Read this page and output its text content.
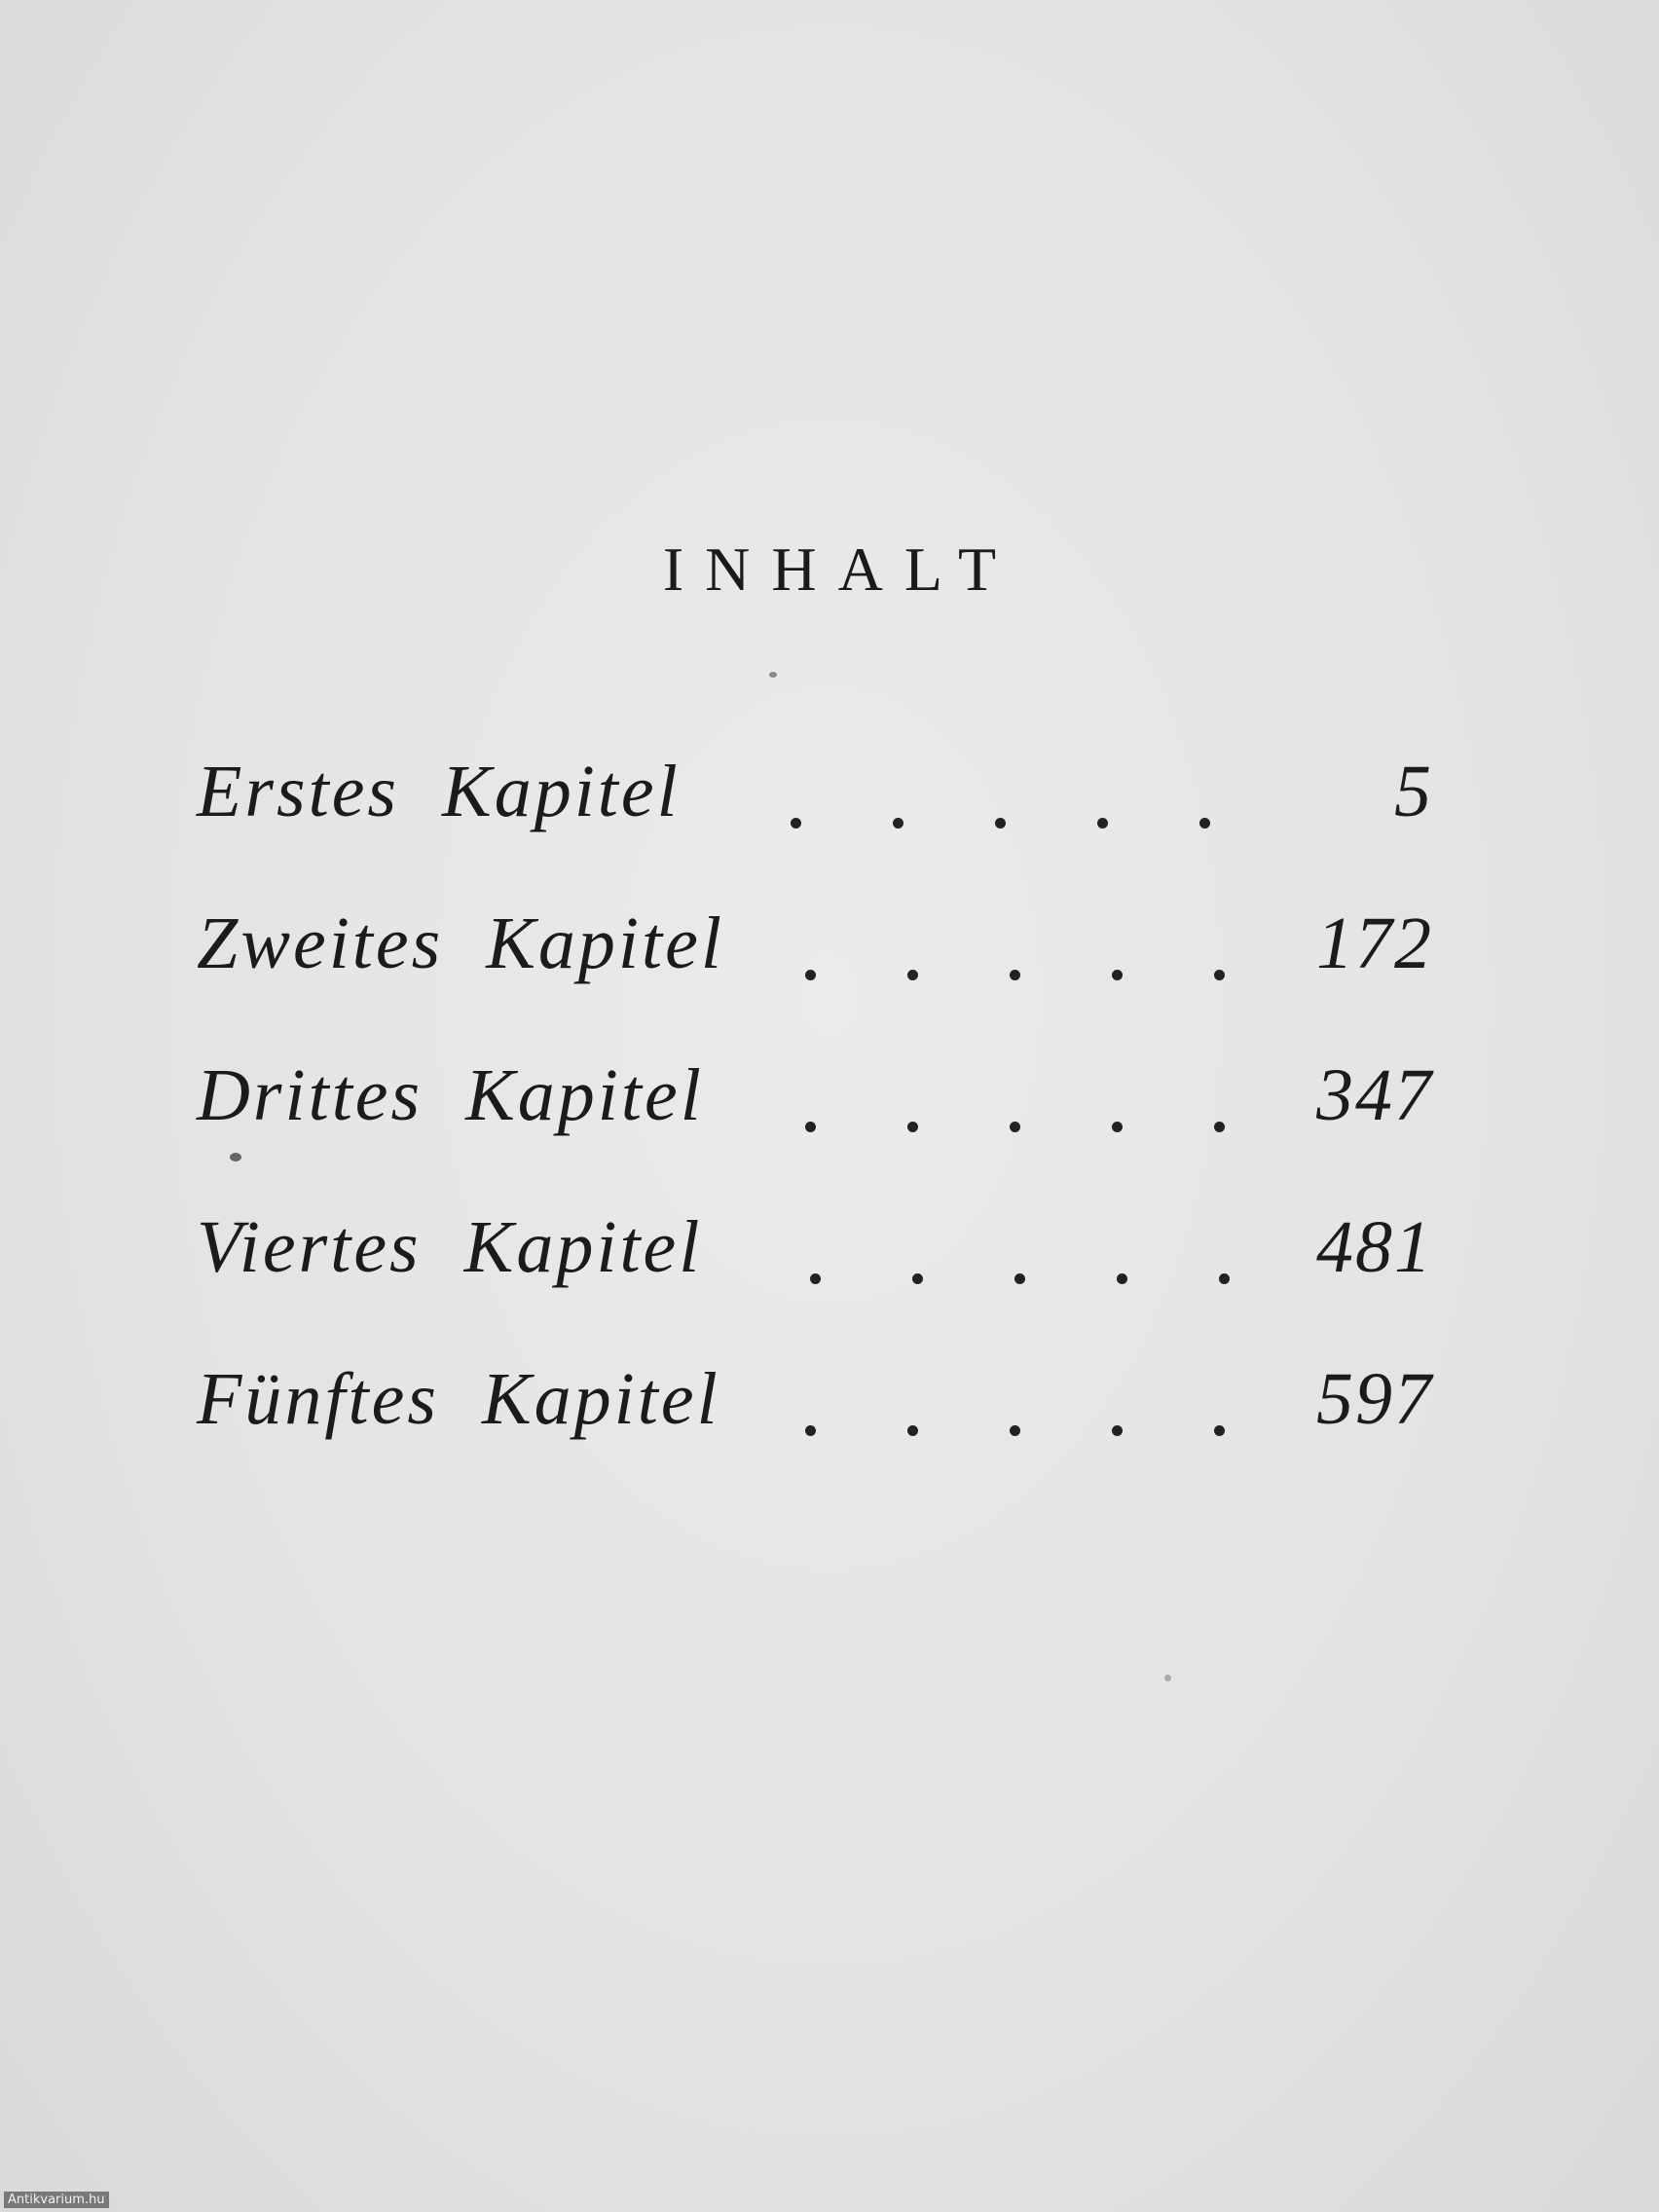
INHALT
Erstes Kapitel	5
Zweites Kapitel	172
Drittes Kapitel	347
Viertes Kapitel	481
Fünftes Kapitel	597
Antikvarium.hu
